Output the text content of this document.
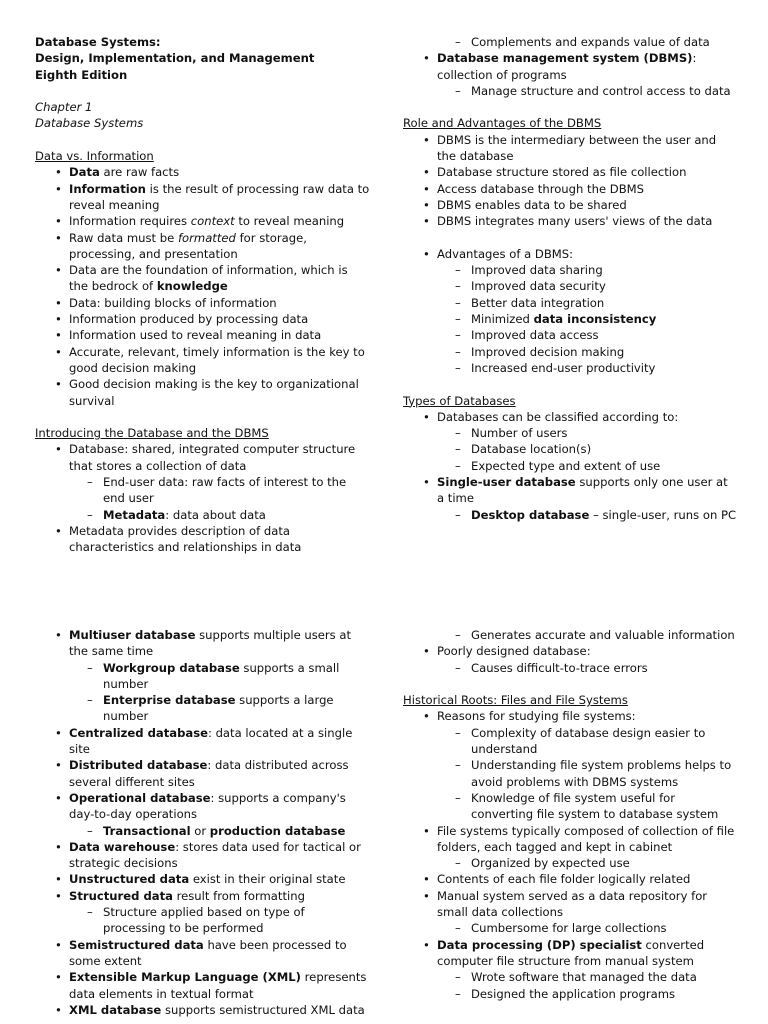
Database Systems:
Design, Implementation, and Management
Eighth Edition
Chapter 1
Database Systems
Data vs. Information
• Data are raw facts
• Information is the result of processing raw data to reveal meaning
• Information requires context to reveal meaning
• Raw data must be formatted for storage, processing, and presentation
• Data are the foundation of information, which is the bedrock of knowledge
• Data: building blocks of information
• Information produced by processing data
• Information used to reveal meaning in data
• Accurate, relevant, timely information is the key to good decision making
• Good decision making is the key to organizational survival
Introducing the Database and the DBMS
• Database: shared, integrated computer structure that stores a collection of data
– End-user data: raw facts of interest to the end user
– Metadata: data about data
• Metadata provides description of data characteristics and relationships in data
– Complements and expands value of data
• Database management system (DBMS): collection of programs
– Manage structure and control access to data
Role and Advantages of the DBMS
• DBMS is the intermediary between the user and the database
• Database structure stored as file collection
• Access database through the DBMS
• DBMS enables data to be shared
• DBMS integrates many users' views of the data
• Advantages of a DBMS:
– Improved data sharing
– Improved data security
– Better data integration
– Minimized data inconsistency
– Improved data access
– Improved decision making
– Increased end-user productivity
Types of Databases
• Databases can be classified according to:
– Number of users
– Database location(s)
– Expected type and extent of use
• Single-user database supports only one user at a time
– Desktop database – single-user, runs on PC
• Multiuser database supports multiple users at the same time
– Workgroup database supports a small number
– Enterprise database supports a large number
• Centralized database: data located at a single site
• Distributed database: data distributed across several different sites
• Operational database: supports a company's day-to-day operations
– Transactional or production database
• Data warehouse: stores data used for tactical or strategic decisions
• Unstructured data exist in their original state
• Structured data result from formatting
– Structure applied based on type of processing to be performed
• Semistructured data have been processed to some extent
• Extensible Markup Language (XML) represents data elements in textual format
• XML database supports semistructured XML data
– Generates accurate and valuable information
• Poorly designed database:
– Causes difficult-to-trace errors
Historical Roots: Files and File Systems
• Reasons for studying file systems:
– Complexity of database design easier to understand
– Understanding file system problems helps to avoid problems with DBMS systems
– Knowledge of file system useful for converting file system to database system
• File systems typically composed of collection of file folders, each tagged and kept in cabinet
– Organized by expected use
• Contents of each file folder logically related
• Manual system served as a data repository for small data collections
– Cumbersome for large collections
• Data processing (DP) specialist converted computer file structure from manual system
– Wrote software that managed the data
– Designed the application programs
